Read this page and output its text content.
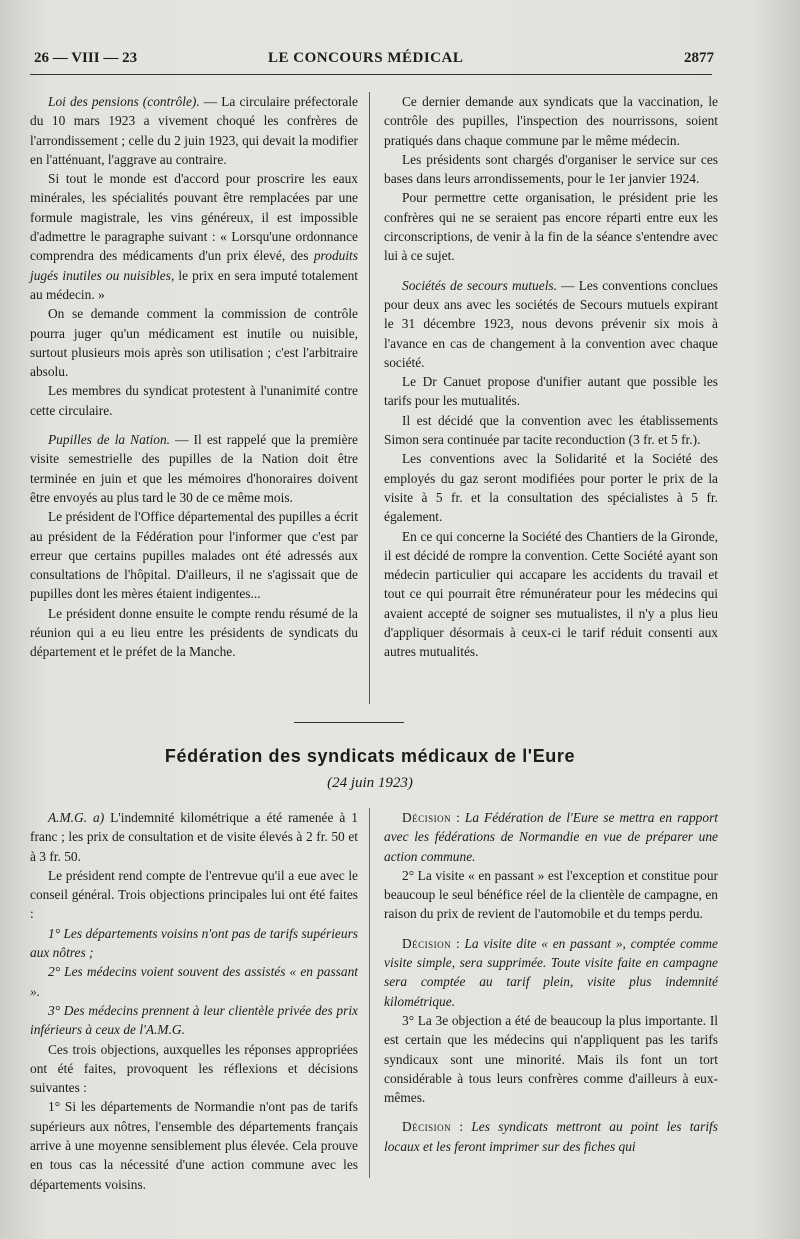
26 — VIII — 23	LE CONCOURS MÉDICAL	2877

Loi des pensions (contrôle). — La circulaire préfectorale du 10 mars 1923 a vivement choqué les confrères de l'arrondissement ; celle du 2 juin 1923, qui devait la modifier en l'atténuant, l'aggrave au contraire.

Si tout le monde est d'accord pour proscrire les eaux minérales, les spécialités pouvant être remplacées par une formule magistrale, les vins généreux, il est impossible d'admettre le paragraphe suivant : « Lorsqu'une ordonnance comprendra des médicaments d'un prix élevé, des produits jugés inutiles ou nuisibles, le prix en sera imputé totalement au médecin. »

On se demande comment la commission de contrôle pourra juger qu'un médicament est inutile ou nuisible, surtout plusieurs mois après son utilisation ; c'est l'arbitraire absolu.

Les membres du syndicat protestent à l'unanimité contre cette circulaire.

Pupilles de la Nation. — Il est rappelé que la première visite semestrielle des pupilles de la Nation doit être terminée en juin et que les mémoires d'honoraires doivent être envoyés au plus tard le 30 de ce même mois.

Le président de l'Office départemental des pupilles a écrit au président de la Fédération pour l'informer que c'est par erreur que certains pupilles malades ont été adressés aux consultations de l'hôpital. D'ailleurs, il ne s'agissait que de pupilles dont les mères étaient indigentes...

Le président donne ensuite le compte rendu résumé de la réunion qui a eu lieu entre les présidents de syndicats du département et le préfet de la Manche.

Ce dernier demande aux syndicats que la vaccination, le contrôle des pupilles, l'inspection des nourrissons, soient pratiqués dans chaque commune par le même médecin.

Les présidents sont chargés d'organiser le service sur ces bases dans leurs arrondissements, pour le 1er janvier 1924.

Pour permettre cette organisation, le président prie les confrères qui ne se seraient pas encore réparti entre eux les circonscriptions, de venir à la fin de la séance s'entendre avec lui à ce sujet.

Sociétés de secours mutuels. — Les conventions conclues pour deux ans avec les sociétés de Secours mutuels expirant le 31 décembre 1923, nous devons prévenir six mois à l'avance en cas de changement à la convention avec chaque société.

Le Dr Canuet propose d'unifier autant que possible les tarifs pour les mutualités.

Il est décidé que la convention avec les établissements Simon sera continuée par tacite reconduction (3 fr. et 5 fr.).

Les conventions avec la Solidarité et la Société des employés du gaz seront modifiées pour porter le prix de la visite à 5 fr. et la consultation des spécialistes à 5 fr. également.

En ce qui concerne la Société des Chantiers de la Gironde, il est décidé de rompre la convention. Cette Société ayant son médecin particulier qui accapare les accidents du travail et tout ce qui pourrait être rémunérateur pour les médecins qui avaient accepté de soigner ses mutualistes, il n'y a plus lieu d'appliquer désormais à ceux-ci le tarif réduit consenti aux autres mutualités.

Fédération des syndicats médicaux de l'Eure
(24 juin 1923)

A.M.G. a) L'indemnité kilométrique a été ramenée à 1 franc ; les prix de consultation et de visite élevés à 2 fr. 50 et à 3 fr. 50.

Le président rend compte de l'entrevue qu'il a eue avec le conseil général. Trois objections principales lui ont été faites :

1° Les départements voisins n'ont pas de tarifs supérieurs aux nôtres ;

2° Les médecins voient souvent des assistés « en passant ».

3° Des médecins prennent à leur clientèle privée des prix inférieurs à ceux de l'A.M.G.

Ces trois objections, auxquelles les réponses appropriées ont été faites, provoquent les réflexions et décisions suivantes :

1° Si les départements de Normandie n'ont pas de tarifs supérieurs aux nôtres, l'ensemble des départements français arrive à une moyenne sensiblement plus élevée. Cela prouve en tous cas la nécessité d'une action commune avec les départements voisins.

Décision : La Fédération de l'Eure se mettra en rapport avec les fédérations de Normandie en vue de préparer une action commune.

2° La visite « en passant » est l'exception et constitue pour beaucoup le seul bénéfice réel de la clientèle de campagne, en raison du prix de revient de l'automobile et du temps perdu.

Décision : La visite dite « en passant », comptée comme visite simple, sera supprimée. Toute visite faite en campagne sera comptée au tarif plein, visite plus indemnité kilométrique.

3° La 3e objection a été de beaucoup la plus importante. Il est certain que les médecins qui n'appliquent pas les tarifs syndicaux sont une minorité. Mais ils font un tort considérable à tous leurs confrères comme d'ailleurs à eux-mêmes.

Décision : Les syndicats mettront au point les tarifs locaux et les feront imprimer sur des fiches qui
